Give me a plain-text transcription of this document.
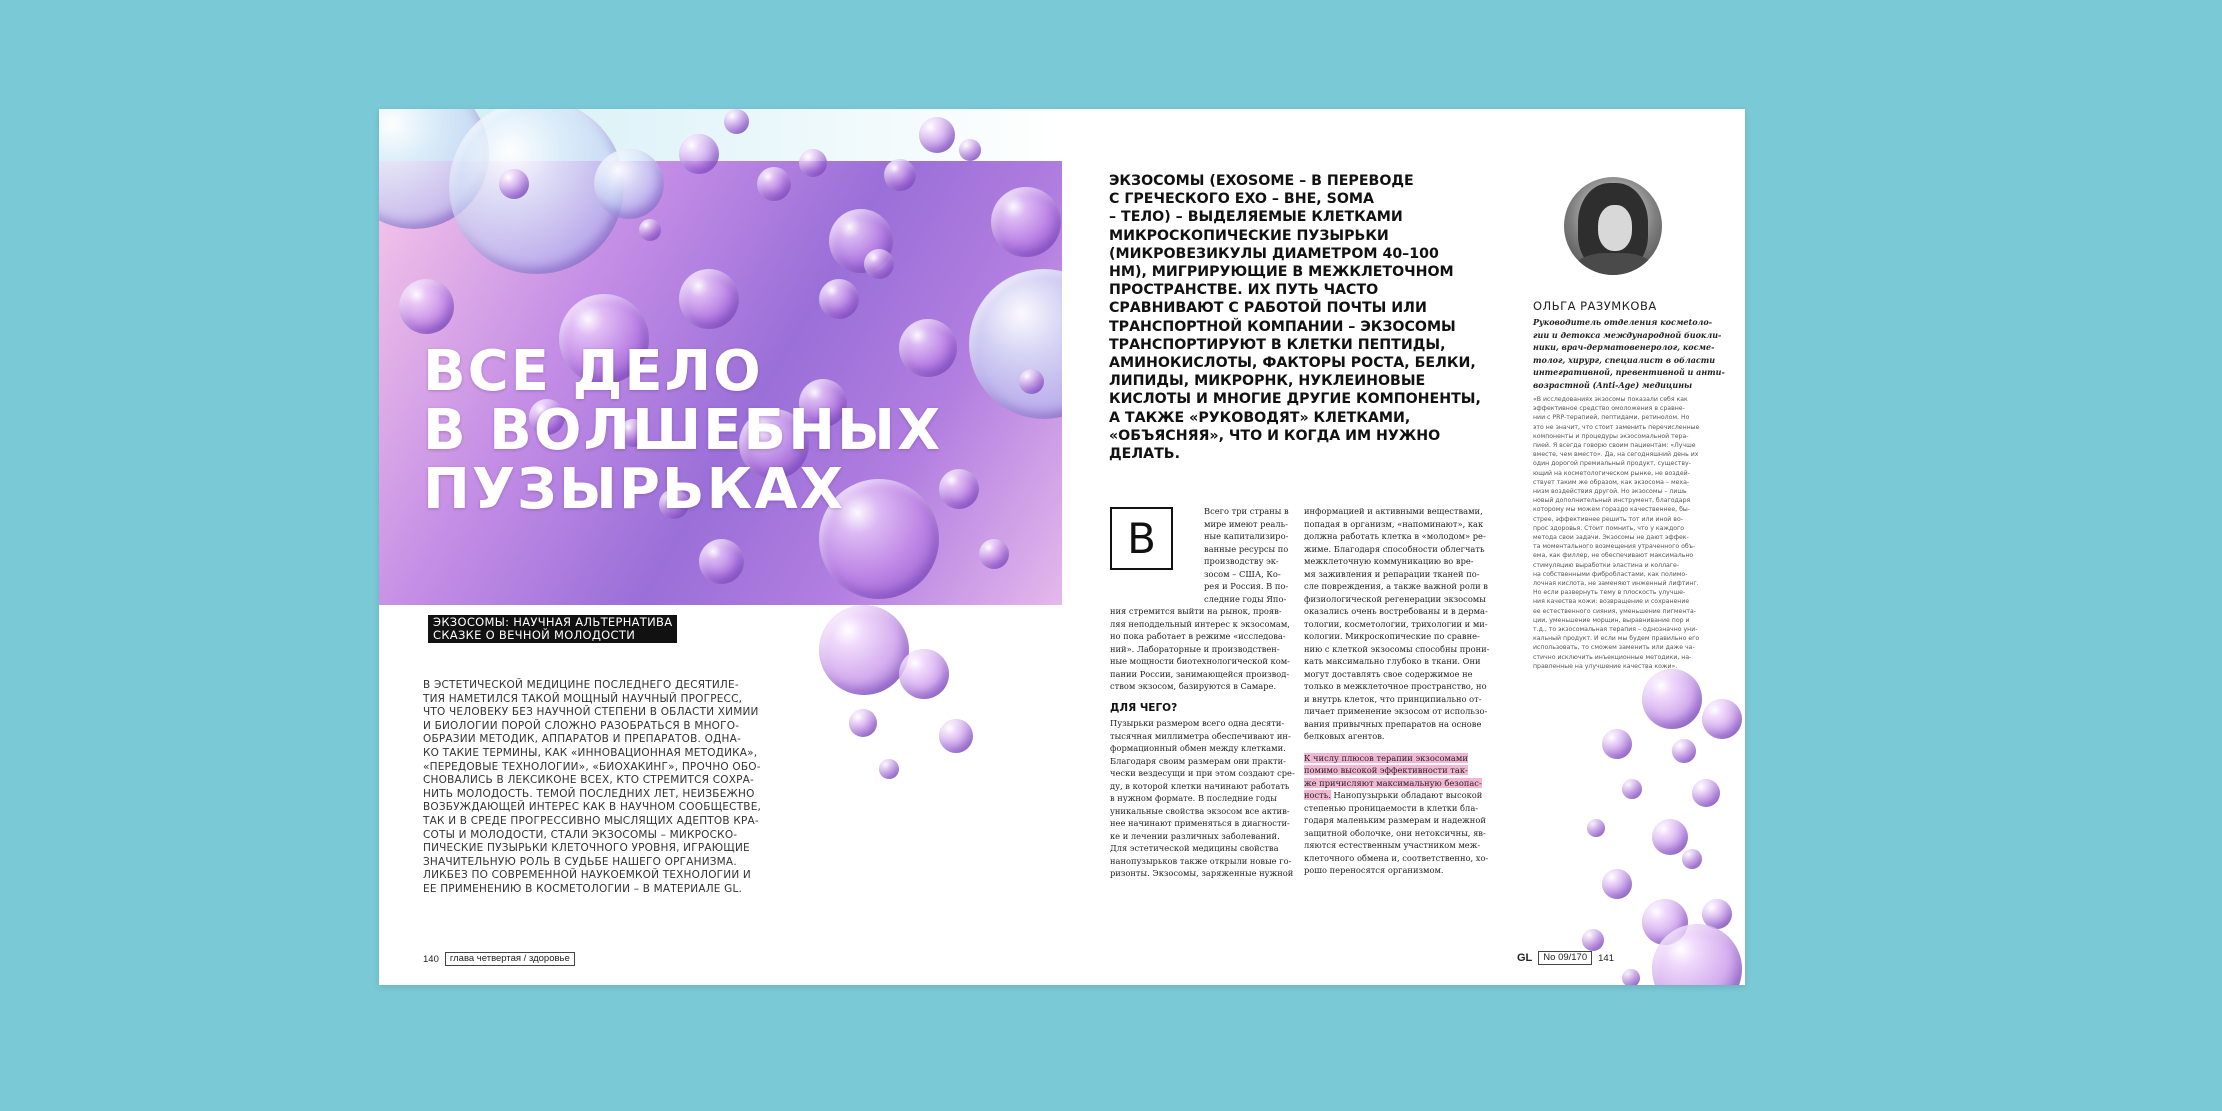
ВСЕ ДЕЛО
В ВОЛШЕБНЫХ
ПУЗЫРЬКАХ
ЭКЗОСОМЫ: НАУЧНАЯ АЛЬТЕРНАТИВА
СКАЗКЕ О ВЕЧНОЙ МОЛОДОСТИ
В ЭСТЕТИЧЕСКОЙ МЕДИЦИНЕ ПОСЛЕДНЕГО ДЕСЯТИЛЕ-
ТИЯ НАМЕТИЛСЯ ТАКОЙ МОЩНЫЙ НАУЧНЫЙ ПРОГРЕСС,
ЧТО ЧЕЛОВЕКУ БЕЗ НАУЧНОЙ СТЕПЕНИ В ОБЛАСТИ ХИМИИ
И БИОЛОГИИ ПОРОЙ СЛОЖНО РАЗОБРАТЬСЯ В МНОГО-
ОБРАЗИИ МЕТОДИК, АППАРАТОВ И ПРЕПАРАТОВ. ОДНА-
КО ТАКИЕ ТЕРМИНЫ, КАК «ИННОВАЦИОННАЯ МЕТОДИКА»,
«ПЕРЕДОВЫЕ ТЕХНОЛОГИИ», «БИОХАКИНГ», ПРОЧНО ОБО-
СНОВАЛИСЬ В ЛЕКСИКОНЕ ВСЕХ, КТО СТРЕМИТСЯ СОХРА-
НИТЬ МОЛОДОСТЬ. ТЕМОЙ ПОСЛЕДНИХ ЛЕТ, НЕИЗБЕЖНО
ВОЗБУЖДАЮЩЕЙ ИНТЕРЕС КАК В НАУЧНОМ СООБЩЕСТВЕ,
ТАК И В СРЕДЕ ПРОГРЕССИВНО МЫСЛЯЩИХ АДЕПТОВ КРА-
СОТЫ И МОЛОДОСТИ, СТАЛИ ЭКЗОСОМЫ – МИКРОСКО-
ПИЧЕСКИЕ ПУЗЫРЬКИ КЛЕТОЧНОГО УРОВНЯ, ИГРАЮЩИЕ
ЗНАЧИТЕЛЬНУЮ РОЛЬ В СУДЬБЕ НАШЕГО ОРГАНИЗМА.
ЛИКБЕЗ ПО СОВРЕМЕННОЙ НАУКОЕМКОЙ ТЕХНОЛОГИИ И
ЕЕ ПРИМЕНЕНИЮ В КОСМЕТОЛОГИИ – В МАТЕРИАЛЕ GL.
140	глава четвертая / здоровье
ЭКЗОСОМЫ (EXOSOME – В ПЕРЕВОДЕ
С ГРЕЧЕСКОГО EXO – ВНЕ, SOMA
– ТЕЛО) – ВЫДЕЛЯЕМЫЕ КЛЕТКАМИ
МИКРОСКОПИЧЕСКИЕ ПУЗЫРЬКИ
(МИКРОВЕЗИКУЛЫ ДИАМЕТРОМ 40–100
НМ), МИГРИРУЮЩИЕ В МЕЖКЛЕТОЧНОМ
ПРОСТРАНСТВЕ. ИХ ПУТЬ ЧАСТО
СРАВНИВАЮТ С РАБОТОЙ ПОЧТЫ ИЛИ
ТРАНСПОРТНОЙ КОМПАНИИ – ЭКЗОСОМЫ
ТРАНСПОРТИРУЮТ В КЛЕТКИ ПЕПТИДЫ,
АМИНОКИСЛОТЫ, ФАКТОРЫ РОСТА, БЕЛКИ,
ЛИПИДЫ, МИКРОРНК, НУКЛЕИНОВЫЕ
КИСЛОТЫ И МНОГИЕ ДРУГИЕ КОМПОНЕНТЫ,
А ТАКЖЕ «РУКОВОДЯТ» КЛЕТКАМИ,
«ОБЪЯСНЯЯ», ЧТО И КОГДА ИМ НУЖНО
ДЕЛАТЬ.
B
Всего три страны в
мире имеют реаль-
ные капитализиро-
ванные ресурсы по
производству эк-
зосом – США, Ко-
рея и Россия. В по-
следние годы Япо-
ния стремится выйти на рынок, прояв-
ляя неподдельный интерес к экзосомам,
но пока работает в режиме «исследова-
ний». Лабораторные и производствен-
ные мощности биотехнологической ком-
пании России, занимающейся производ-
ством экзосом, базируются в Самаре.
ДЛЯ ЧЕГО?
Пузырьки размером всего одна десяти-
тысячная миллиметра обеспечивают ин-
формационный обмен между клетками.
Благодаря своим размерам они практи-
чески вездесущи и при этом создают сре-
ду, в которой клетки начинают работать
в нужном формате. В последние годы
уникальные свойства экзосом все актив-
нее начинают применяться в диагности-
ке и лечении различных заболеваний.
Для эстетической медицины свойства
нанопузырьков также открыли новые го-
ризонты. Экзосомы, заряженные нужной
информацией и активными веществами,
попадая в организм, «напоминают», как
должна работать клетка в «молодом» ре-
жиме. Благодаря способности облегчать
межклеточную коммуникацию во вре-
мя заживления и репарации тканей по-
сле повреждения, а также важной роли в
физиологической регенерации экзосомы
оказались очень востребованы и в дерма-
тологии, косметологии, трихологии и ми-
кологии. Микроскопические по сравне-
нию с клеткой экзосомы способны прони-
кать максимально глубоко в ткани. Они
могут доставлять свое содержимое не
только в межклеточное пространство, но
и внутрь клеток, что принципиально от-
личает применение экзосом от использо-
вания привычных препаратов на основе
белковых агентов.
К числу плюсов терапии экзосомами
помимо высокой эффективности так-
же причисляют максимальную безопас-
ность. Нанопузырьки обладают высокой
степенью проницаемости в клетки бла-
годаря маленьким размерам и надежной
защитной оболочке, они нетоксичны, яв-
ляются естественным участником меж-
клеточного обмена и, соответственно, хо-
рошо переносятся организмом.
ОЛЬГА РАЗУМКОВА
Руководитель отделения космetоло-
гии и детокса международной биокли-
ники, врач-дерматовенеролог, косме-
толог, хирург, специалист в области
интегративной, превентивной и анти-
возрастной (Anti-Age) медицины
«В исследованиях экзосомы показали себя как
эффективное средство омоложения в сравне-
нии с PRP-терапией, пептидами, ретинолом. Но
это не значит, что стоит заменить перечисленные
компоненты и процедуры экзосомальной тера-
пией. Я всегда говорю своим пациентам: «Лучше
вместе, чем вместо». Да, на сегодняшний день их
один дорогой премиальный продукт, существу-
ющий на косметологическом рынке, не воздей-
ствует таким же образом, как экзосома – меха-
низм воздействия другой. Но экзосомы – лишь
новый дополнительный инструмент, благодаря
которому мы можем гораздо качественнее, бы-
стрее, эффективнее решить тот или иной во-
прос здоровья. Стоит помнить, что у каждого
метода свои задачи. Экзосомы не дают эффек-
та моментального возмещения утраченного объ-
ема, как филлер, не обеспечивают максимально
стимуляцию выработки эластина и коллаге-
на собственными фибробластами, как полимо-
лочная кислота, не заменяют инженный лифтинг.
Но если развернуть тему в плоскость улучше-
ния качества кожи: возвращение и сохранение
ее естественного сияния, уменьшение пигмента-
ции, уменьшение морщин, выравнивание пор и
т.д., то экзосомальная терапия – однозначно уни-
кальный продукт. И если мы будем правильно его
использовать, то сможем заменить или даже ча-
стично исключить инъекционные методики, на-
правленные на улучшение качества кожи».
GL	No 09/170	141
